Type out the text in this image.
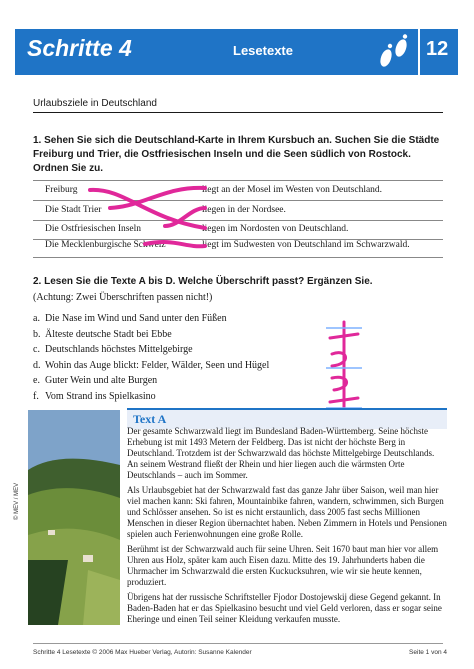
Schritte 4	Lesetexte	12
Urlaubsziele in Deutschland
1. Sehen Sie sich die Deutschland-Karte in Ihrem Kursbuch an. Suchen Sie die Städte Freiburg und Trier, die Ostfriesischen Inseln und die Seen südlich von Rostock. Ordnen Sie zu.
Freiburg	liegt an der Mosel im Westen von Deutschland.
Die Stadt Trier	liegen in der Nordsee.
Die Ostfriesischen Inseln	liegen im Nordosten von Deutschland.
Die Mecklenburgische Schweiz	liegt im Sudwesten von Deutschland im Schwarzwald.
2. Lesen Sie die Texte A bis D. Welche Überschrift passt? Ergänzen Sie.
(Achtung: Zwei Überschriften passen nicht!)
a. Die Nase im Wind und Sand unter den Füßen
b. Älteste deutsche Stadt bei Ebbe
c. Deutschlands höchstes Mittelgebirge
d. Wohin das Auge blickt: Felder, Wälder, Seen und Hügel
e. Guter Wein und alte Burgen
f. Vom Strand ins Spielkasino
© MEV / MEV
Text A

Der gesamte Schwarzwald liegt im Bundesland Baden-Württemberg. Seine höchste Erhebung ist mit 1493 Metern der Feldberg. Das ist nicht der höchste Berg in Deutschland. Trotzdem ist der Schwarzwald das höchste Mittelgebirge Deutschlands. An seinem Westrand fließt der Rhein und hier liegen auch die wärmsten Orte Deutschlands – auch im Sommer.

Als Urlaubsgebiet hat der Schwarzwald fast das ganze Jahr über Saison, weil man hier viel machen kann: Ski fahren, Mountainbike fahren, wandern, schwimmen, sich Burgen und Schlösser ansehen. So ist es nicht erstaunlich, dass 2005 fast sechs Millionen Menschen in dieser Region übernachtet haben. Neben Zimmern in Hotels und Pensionen spielen auch Ferienwohnungen eine große Rolle.

Berühmt ist der Schwarzwald auch für seine Uhren. Seit 1670 baut man hier vor allem Uhren aus Holz, später kam auch Eisen dazu. Mitte des 19. Jahrhunderts haben die Uhrmacher im Schwarzwald die ersten Kuckucksuhren, wie wir sie heute kennen, produziert.

Übrigens hat der russische Schriftsteller Fjodor Dostojewskij diese Gegend gekannt. In Baden-Baden hat er das Spielkasino besucht und viel Geld verloren, dass er sogar seine Eheringe und einen Teil seiner Kleidung verkaufen musste.

Schritte 4 Lesetexte © 2006 Max Hueber Verlag, Autorin: Susanne Kalender	Seite 1 von 4
